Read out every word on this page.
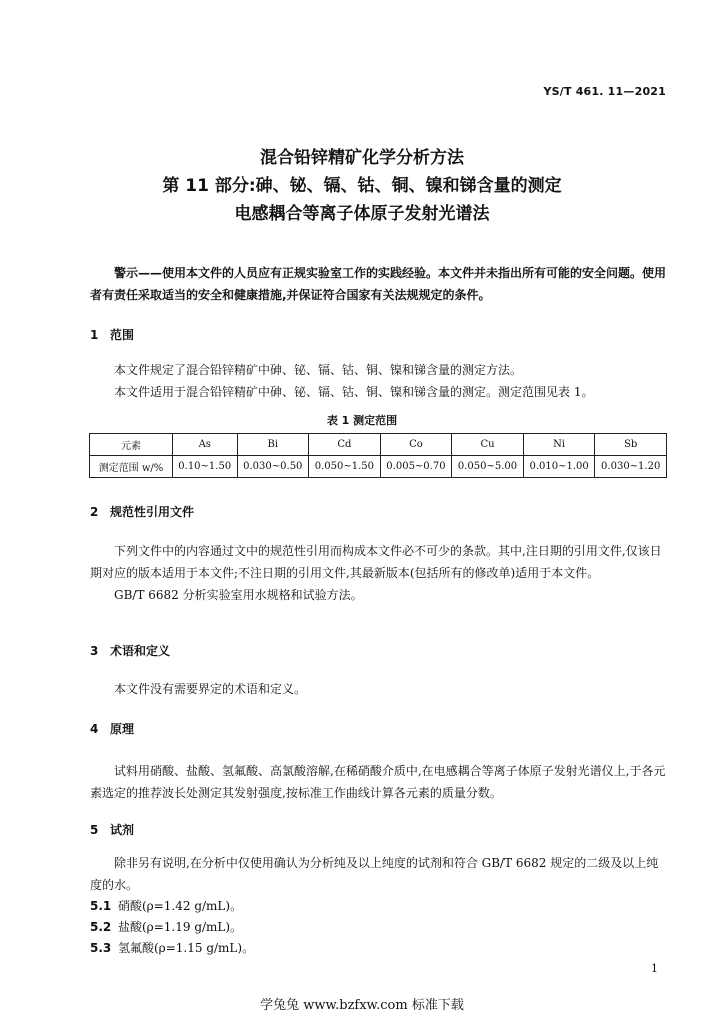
YS/T 461. 11—2021
混合铅锌精矿化学分析方法
第 11 部分:砷、铋、镉、钴、铜、镍和锑含量的测定
电感耦合等离子体原子发射光谱法

警示——使用本文件的人员应有正规实验室工作的实践经验。本文件并未指出所有可能的安全问题。使用者有责任采取适当的安全和健康措施,并保证符合国家有关法规规定的条件。

1 范围

本文件规定了混合铅锌精矿中砷、铋、镉、钴、铜、镍和锑含量的测定方法。

本文件适用于混合铅锌精矿中砷、铋、镉、钴、铜、镍和锑含量的测定。测定范围见表 1。

表 1 测定范围
元素	As	Bi	Cd	Co	Cu	Ni	Sb
测定范围 w/%	0.10~1.50	0.030~0.50	0.050~1.50	0.005~0.70	0.050~5.00	0.010~1.00	0.030~1.20
2 规范性引用文件

下列文件中的内容通过文中的规范性引用而构成本文件必不可少的条款。其中,注日期的引用文件,仅该日期对应的版本适用于本文件;不注日期的引用文件,其最新版本(包括所有的修改单)适用于本文件。

GB/T 6682 分析实验室用水规格和试验方法。

3 术语和定义

本文件没有需要界定的术语和定义。

4 原理

试料用硝酸、盐酸、氢氟酸、高氯酸溶解,在稀硝酸介质中,在电感耦合等离子体原子发射光谱仪上,于各元素选定的推荐波长处测定其发射强度,按标准工作曲线计算各元素的质量分数。

5 试剂

除非另有说明,在分析中仅使用确认为分析纯及以上纯度的试剂和符合 GB/T 6682 规定的二级及以上纯度的水。

5.1 硝酸(ρ=1.42 g/mL)。
5.2 盐酸(ρ=1.19 g/mL)。
5.3 氢氟酸(ρ=1.15 g/mL)。
1
学兔兔 www.bzfxw.com 标准下载
